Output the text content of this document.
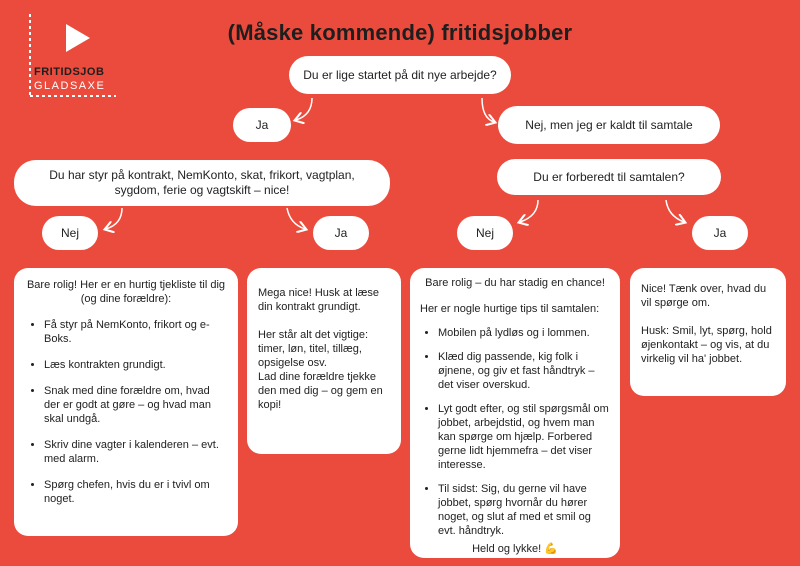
FRITIDSJOB
GLADSAXE
(Måske kommende) fritidsjobber
Du er lige startet på dit nye arbejde?
Ja	Nej, men jeg er kaldt til samtale
Du har styr på kontrakt, NemKonto, skat, frikort, vagtplan, sygdom, ferie og vagtskift – nice!
Du er forberedt til samtalen?
Nej	Ja	Nej	Ja

Bare rolig! Her er en hurtig tjekliste til dig (og dine forældre):

• Få styr på NemKonto, frikort og e-Boks.
• Læs kontrakten grundigt.
• Snak med dine forældre om, hvad der er godt at gøre – og hvad man skal undgå.
• Skriv dine vagter i kalenderen – evt. med alarm.
• Spørg chefen, hvis du er i tvivl om noget.

Mega nice! Husk at læse din kontrakt grundigt.

Her står alt det vigtige: timer, løn, titel, tillæg, opsigelse osv.

Lad dine forældre tjekke den med dig – og gem en kopi!

Bare rolig – du har stadig en chance!

Her er nogle hurtige tips til samtalen:

• Mobilen på lydløs og i lommen.
• Klæd dig passende, kig folk i øjnene, og giv et fast håndtryk – det viser overskud.
• Lyt godt efter, og stil spørgsmål om jobbet, arbejdstid, og hvem man kan spørge om hjælp. Forbered gerne lidt hjemmefra – det viser interesse.
• Til sidst: Sig, du gerne vil have jobbet, spørg hvornår du hører noget, og slut af med et smil og evt. håndtryk.

Held og lykke! 💪

Nice! Tænk over, hvad du vil spørge om.

Husk: Smil, lyt, spørg, hold øjenkontakt – og vis, at du virkelig vil ha' jobbet.
